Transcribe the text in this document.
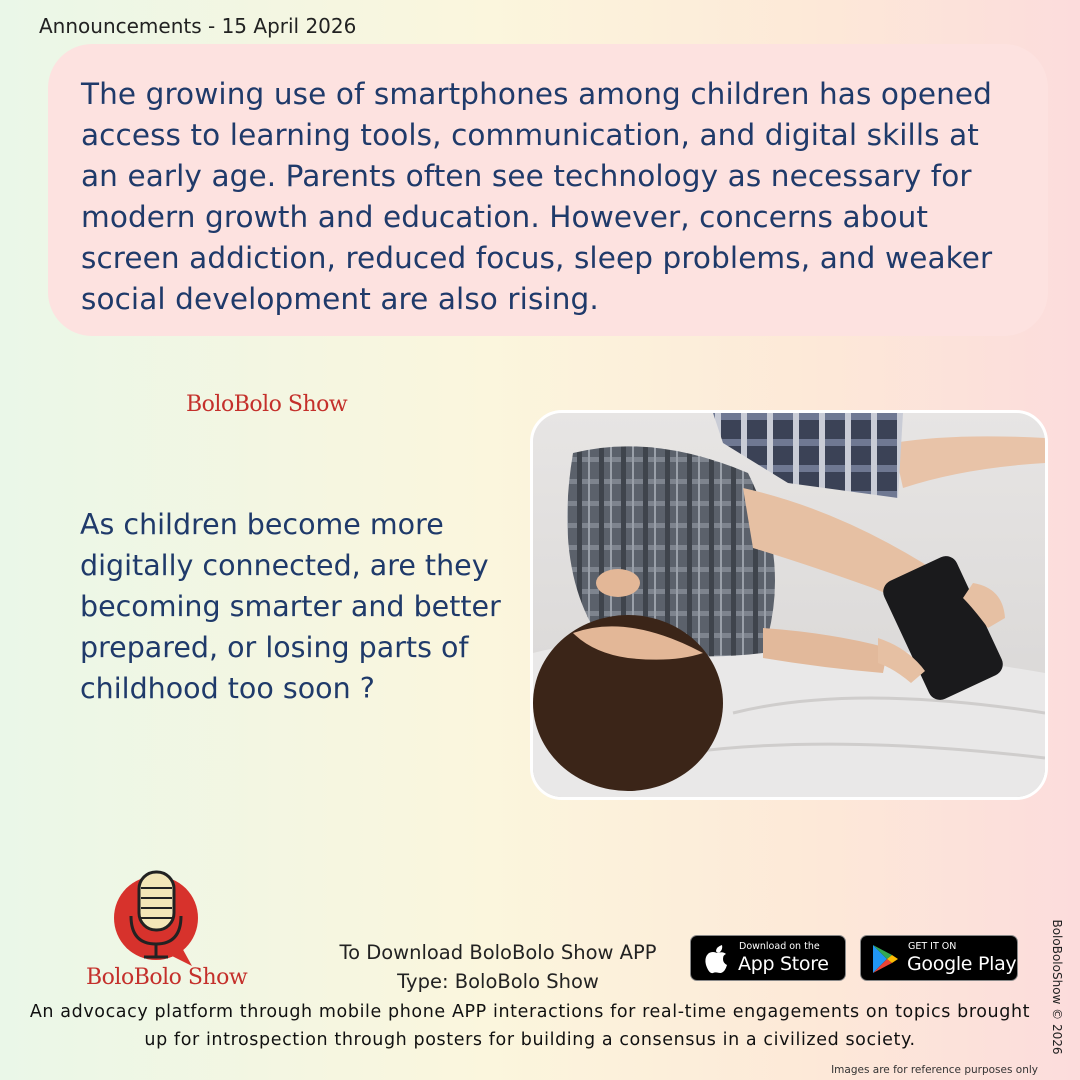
Announcements - 15 April 2026

The growing use of smartphones among children has opened access to learning tools, communication, and digital skills at an early age. Parents often see technology as necessary for modern growth and education. However, concerns about screen addiction, reduced focus, sleep problems, and weaker social development are also rising.

BoloBolo Show

As children become more digitally connected, are they becoming smarter and better prepared, or losing parts of childhood too soon ?

BoloBolo Show
To Download BoloBolo Show APP
Type: BoloBolo Show
Download on the
App Store
GET IT ON
Google Play
An advocacy platform through mobile phone APP interactions for real-time engagements on topics brought up for introspection through posters for building a consensus in a civilized society.	BoloBoloShow © 2026
Images are for reference purposes only
